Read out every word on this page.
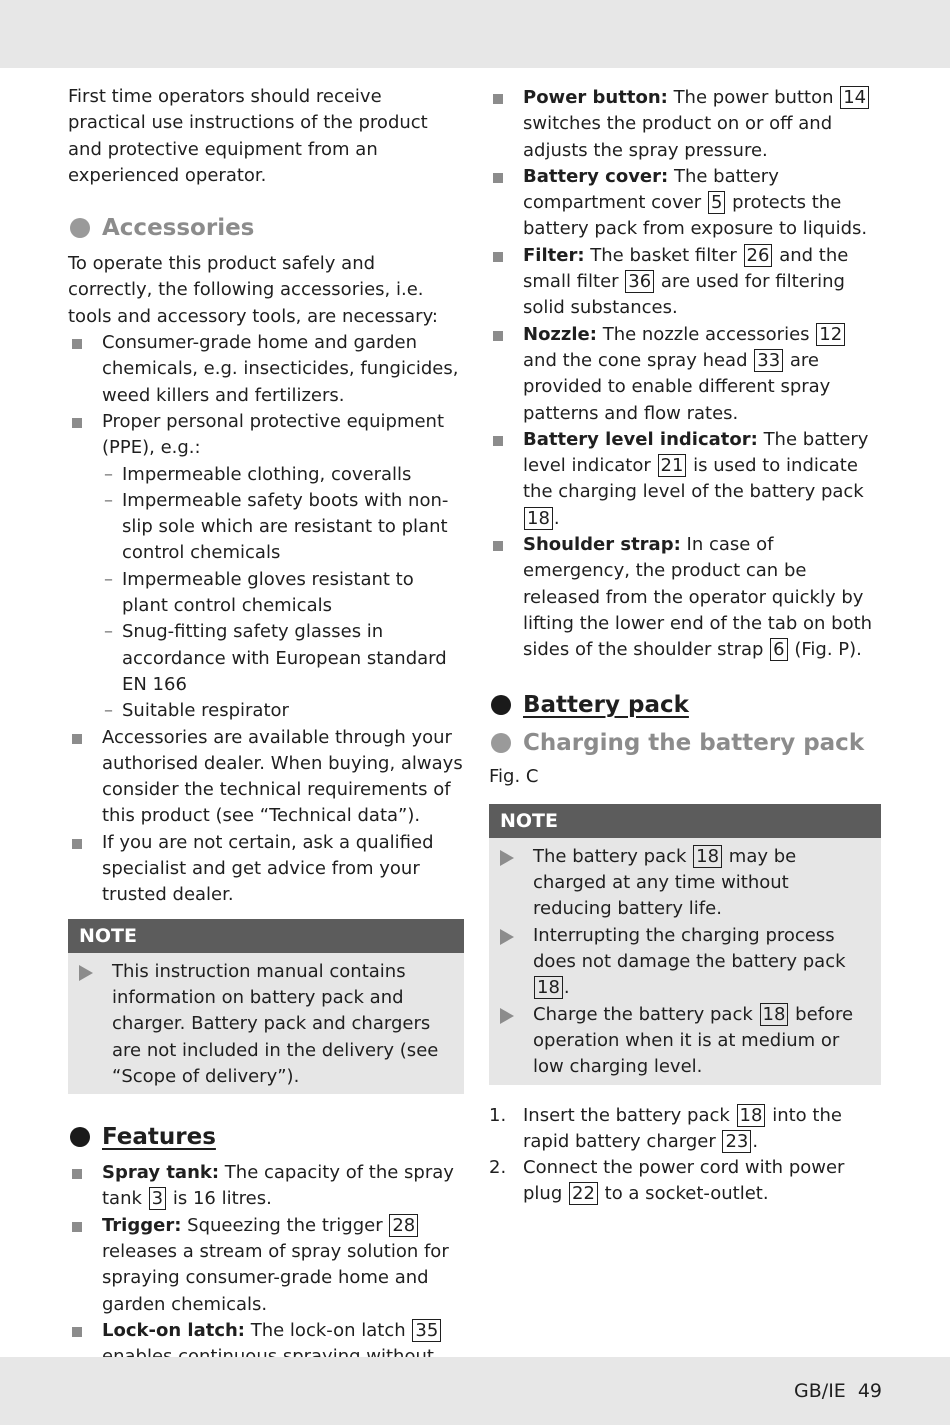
First time operators should receive practical use instructions of the product and protective equipment from an experienced operator.

Accessories

To operate this product safely and correctly, the following accessories, i.e. tools and accessory tools, are necessary:

Consumer-grade home and garden chemicals, e.g. insecticides, fungicides, weed killers and fertilizers.
Proper personal protective equipment (PPE), e.g.:
– Impermeable clothing, coveralls
– Impermeable safety boots with non-slip sole which are resistant to plant control chemicals
– Impermeable gloves resistant to plant control chemicals
– Snug-fitting safety glasses in accordance with European standard EN 166
– Suitable respirator
Accessories are available through your authorised dealer. When buying, always consider the technical requirements of this product (see “Technical data”).
If you are not certain, ask a qualified specialist and get advice from your trusted dealer.
NOTE
This instruction manual contains information on battery pack and charger. Battery pack and chargers are not included in the delivery (see “Scope of delivery”).
Features
Spray tank: The capacity of the spray tank 3 is 16 litres.
Trigger: Squeezing the trigger 28 releases a stream of spray solution for spraying consumer-grade home and garden chemicals.
Lock-on latch: The lock-on latch 35
Power button: The power button 14 switches the product on or off and adjusts the spray pressure.
Battery cover: The battery compartment cover 5 protects the battery pack from exposure to liquids.
Filter: The basket filter 26 and the small filter 36 are used for filtering solid substances.
Nozzle: The nozzle accessories 12 and the cone spray head 33 are provided to enable different spray patterns and flow rates.
Battery level indicator: The battery level indicator 21 is used to indicate the charging level of the battery pack 18 .
Shoulder strap: In case of emergency, the product can be released from the operator quickly by lifting the lower end of the tab on both sides of the shoulder strap 6 (Fig. P).
Battery pack
Charging the battery pack

Fig. C

NOTE
The battery pack 18 may be charged at any time without reducing battery life.
Interrupting the charging process does not damage the battery pack 18 .
Charge the battery pack 18 before operation when it is at medium or low charging level.
1. Insert the battery pack 18 into the rapid battery charger 23 .
2. Connect the power cord with power plug 22 to a socket-outlet.
GB/IE 49
